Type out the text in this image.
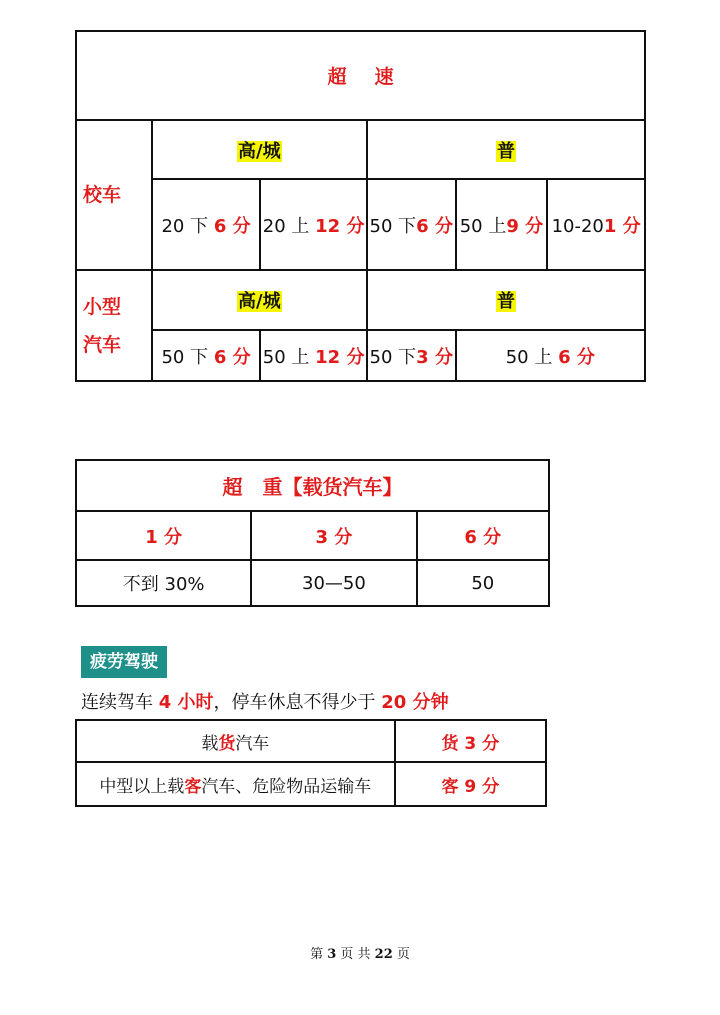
超 速					
校车	高/城		普		
	20 下 6 分	20 上 12 分	50 下6 分	50 上9 分	10-201 分

小型
汽车	高/城		普		
	50 下 6 分	50 上 12 分	50 下3 分	50 上 6 分	
超　重【载货汽车】		
1 分	3 分	6 分
不到 30%	30—50	50
疲劳驾驶
连续驾车 4 小时，停车休息不得少于 20 分钟
载货汽车	货 3 分
中型以上载客汽车、危险物品运输车	客 9 分
第 3 页 共 22 页
